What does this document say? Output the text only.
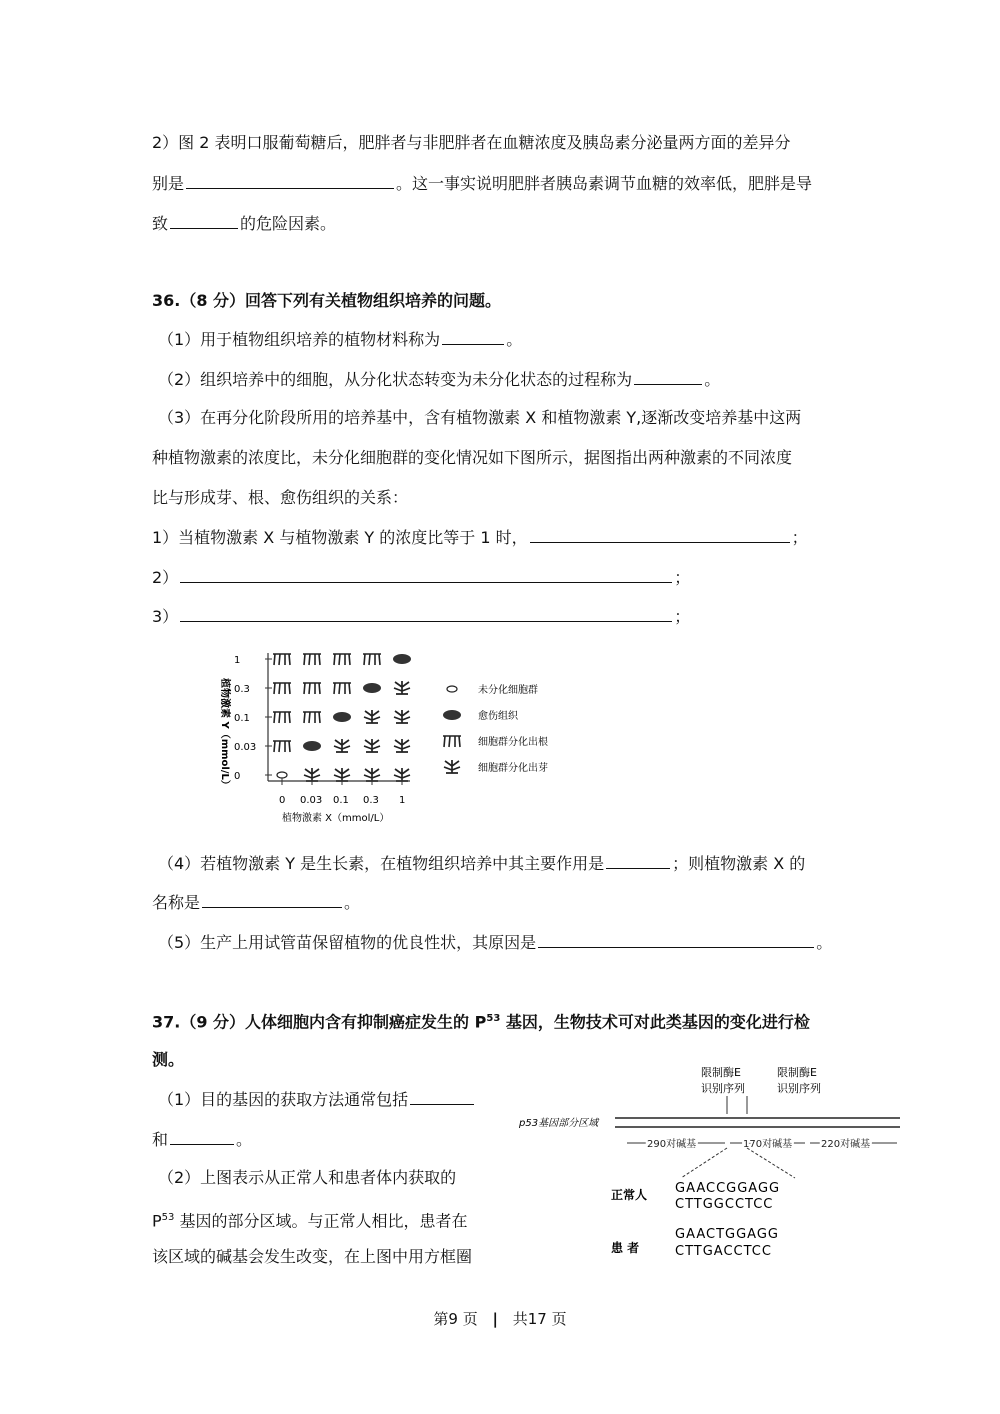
2）图 2 表明口服葡萄糖后，肥胖者与非肥胖者在血糖浓度及胰岛素分泌量两方面的差异分
别是	。这一事实说明肥胖者胰岛素调节血糖的效率低，肥胖是导
致	的危险因素。
36.（8 分）回答下列有关植物组织培养的问题。
（1）用于植物组织培养的植物材料称为	。
（2）组织培养中的细胞，从分化状态转变为未分化状态的过程称为	。
（3）在再分化阶段所用的培养基中，含有植物激素 X 和植物激素 Y,逐渐改变培养基中这两
种植物激素的浓度比，未分化细胞群的变化情况如下图所示，据图指出两种激素的不同浓度
比与形成芽、根、愈伤组织的关系：
1）当植物激素 X 与植物激素 Y 的浓度比等于 1 时，	；
2）	；
3）	；
植物激素 Y（mmol/L）
植物激素 X（mmol/L）
1
0.3
0.1
0.03
0
0 0.03 0.1 0.3 1
未分化细胞群
愈伤组织
细胞群分化出根
细胞群分化出芽
（4）若植物激素 Y 是生长素，在植物组织培养中其主要作用是	；则植物激素 X 的
名称是	。
（5）生产上用试管苗保留植物的优良性状，其原因是	。
37.（9 分）人体细胞内含有抑制癌症发生的 $P^{53}$ 基因，生物技术可对此类基因的变化进行检
测。
（1）目的基因的获取方法通常包括
和	。
（2）上图表示从正常人和患者体内获取的
$P^{53}$ 基因的部分区域。与正常人相比，患者在
该区域的碱基会发生改变，在上图中用方框圈
限制酶E
识别序列
限制酶E
识别序列
p53基因部分区域
290对碱基	170对碱基	220对碱基
正常人 GAACCGGAGG
CTTGGCCTCC
患 者
GAACTGGAGG
CTTGACCTCC
第9 页 | 共17 页
